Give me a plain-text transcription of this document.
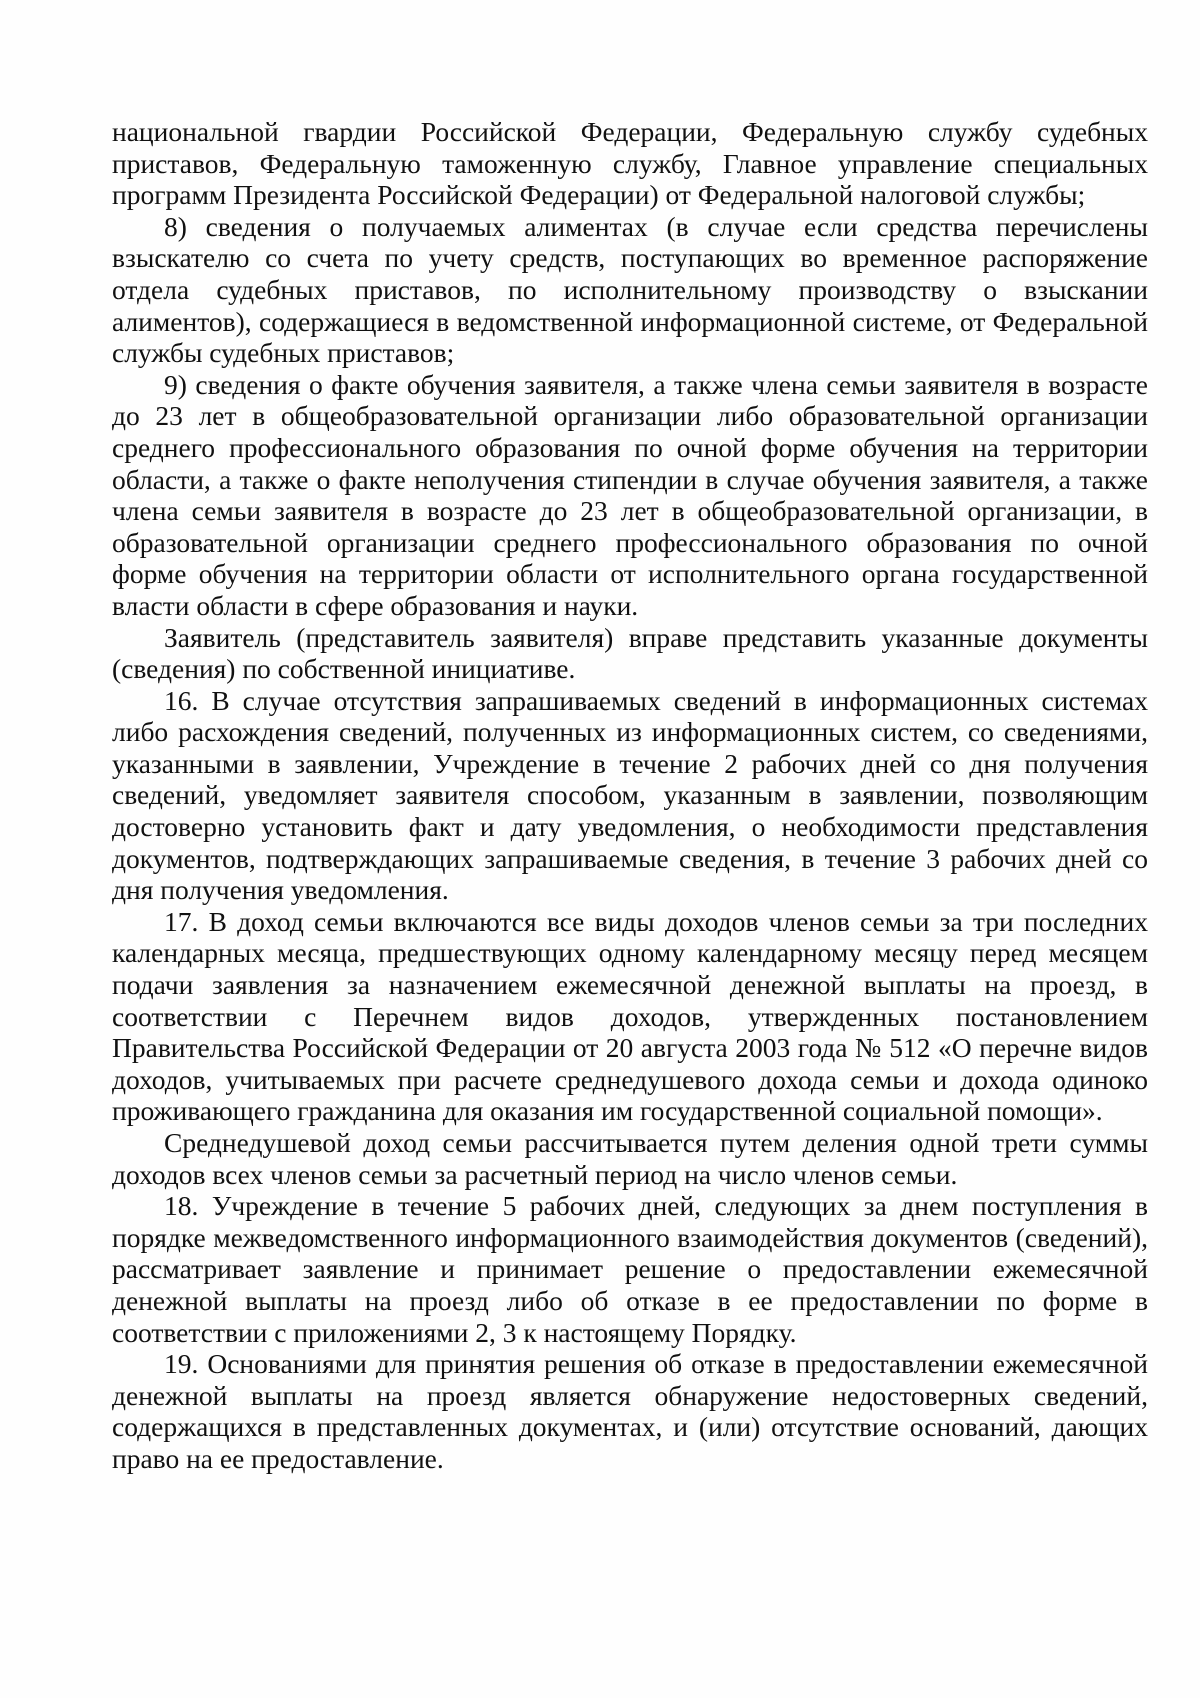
национальной гвардии Российской Федерации, Федеральную службу судебных приставов, Федеральную таможенную службу, Главное управление специальных программ Президента Российской Федерации) от Федеральной налоговой службы;

8) сведения о получаемых алиментах (в случае если средства перечислены взыскателю со счета по учету средств, поступающих во временное распоряжение отдела судебных приставов, по исполнительному производству о взыскании алиментов), содержащиеся в ведомственной информационной системе, от Федеральной службы судебных приставов;

9) сведения о факте обучения заявителя, а также члена семьи заявителя в возрасте до 23 лет в общеобразовательной организации либо образовательной организации среднего профессионального образования по очной форме обучения на территории области, а также о факте неполучения стипендии в случае обучения заявителя, а также члена семьи заявителя в возрасте до 23 лет в общеобразовательной организации, в образовательной организации среднего профессионального образования по очной форме обучения на территории области от исполнительного органа государственной власти области в сфере образования и науки.

Заявитель (представитель заявителя) вправе представить указанные документы (сведения) по собственной инициативе.

16. В случае отсутствия запрашиваемых сведений в информационных системах либо расхождения сведений, полученных из информационных систем, со сведениями, указанными в заявлении, Учреждение в течение 2 рабочих дней со дня получения сведений, уведомляет заявителя способом, указанным в заявлении, позволяющим достоверно установить факт и дату уведомления, о необходимости представления документов, подтверждающих запрашиваемые сведения, в течение 3 рабочих дней со дня получения уведомления.

17. В доход семьи включаются все виды доходов членов семьи за три последних календарных месяца, предшествующих одному календарному месяцу перед месяцем подачи заявления за назначением ежемесячной денежной выплаты на проезд, в соответствии с Перечнем видов доходов, утвержденных постановлением Правительства Российской Федерации от 20 августа 2003 года № 512 «О перечне видов доходов, учитываемых при расчете среднедушевого дохода семьи и дохода одиноко проживающего гражданина для оказания им государственной социальной помощи».

Среднедушевой доход семьи рассчитывается путем деления одной трети суммы доходов всех членов семьи за расчетный период на число членов семьи.

18. Учреждение в течение 5 рабочих дней, следующих за днем поступления в порядке межведомственного информационного взаимодействия документов (сведений), рассматривает заявление и принимает решение о предоставлении ежемесячной денежной выплаты на проезд либо об отказе в ее предоставлении по форме в соответствии с приложениями 2, 3 к настоящему Порядку.

19. Основаниями для принятия решения об отказе в предоставлении ежемесячной денежной выплаты на проезд является обнаружение недостоверных сведений, содержащихся в представленных документах, и (или) отсутствие оснований, дающих право на ее предоставление.
